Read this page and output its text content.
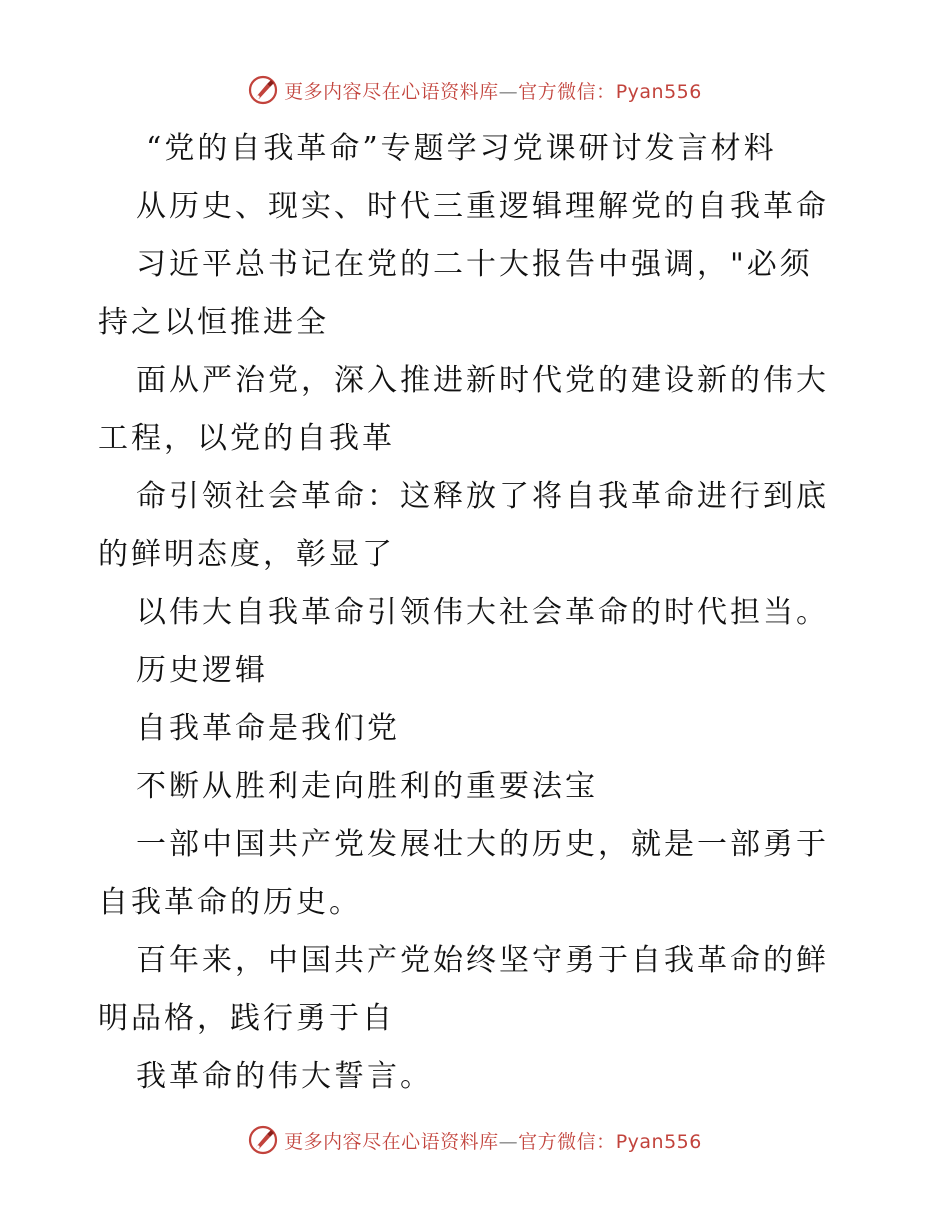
更多内容尽在心语资料库—官方微信：Pyan556
“党的自我革命”专题学习党课研讨发言材料
从历史、现实、时代三重逻辑理解党的自我革命
习近平总书记在党的二十大报告中强调，"必须
持之以恒推进全
面从严治党，深入推进新时代党的建设新的伟大
工程，以党的自我革
命引领社会革命：这释放了将自我革命进行到底
的鲜明态度，彰显了
以伟大自我革命引领伟大社会革命的时代担当。
历史逻辑
自我革命是我们党
不断从胜利走向胜利的重要法宝
一部中国共产党发展壮大的历史，就是一部勇于
自我革命的历史。
百年来，中国共产党始终坚守勇于自我革命的鲜
明品格，践行勇于自
我革命的伟大誓言。
更多内容尽在心语资料库—官方微信：Pyan556
